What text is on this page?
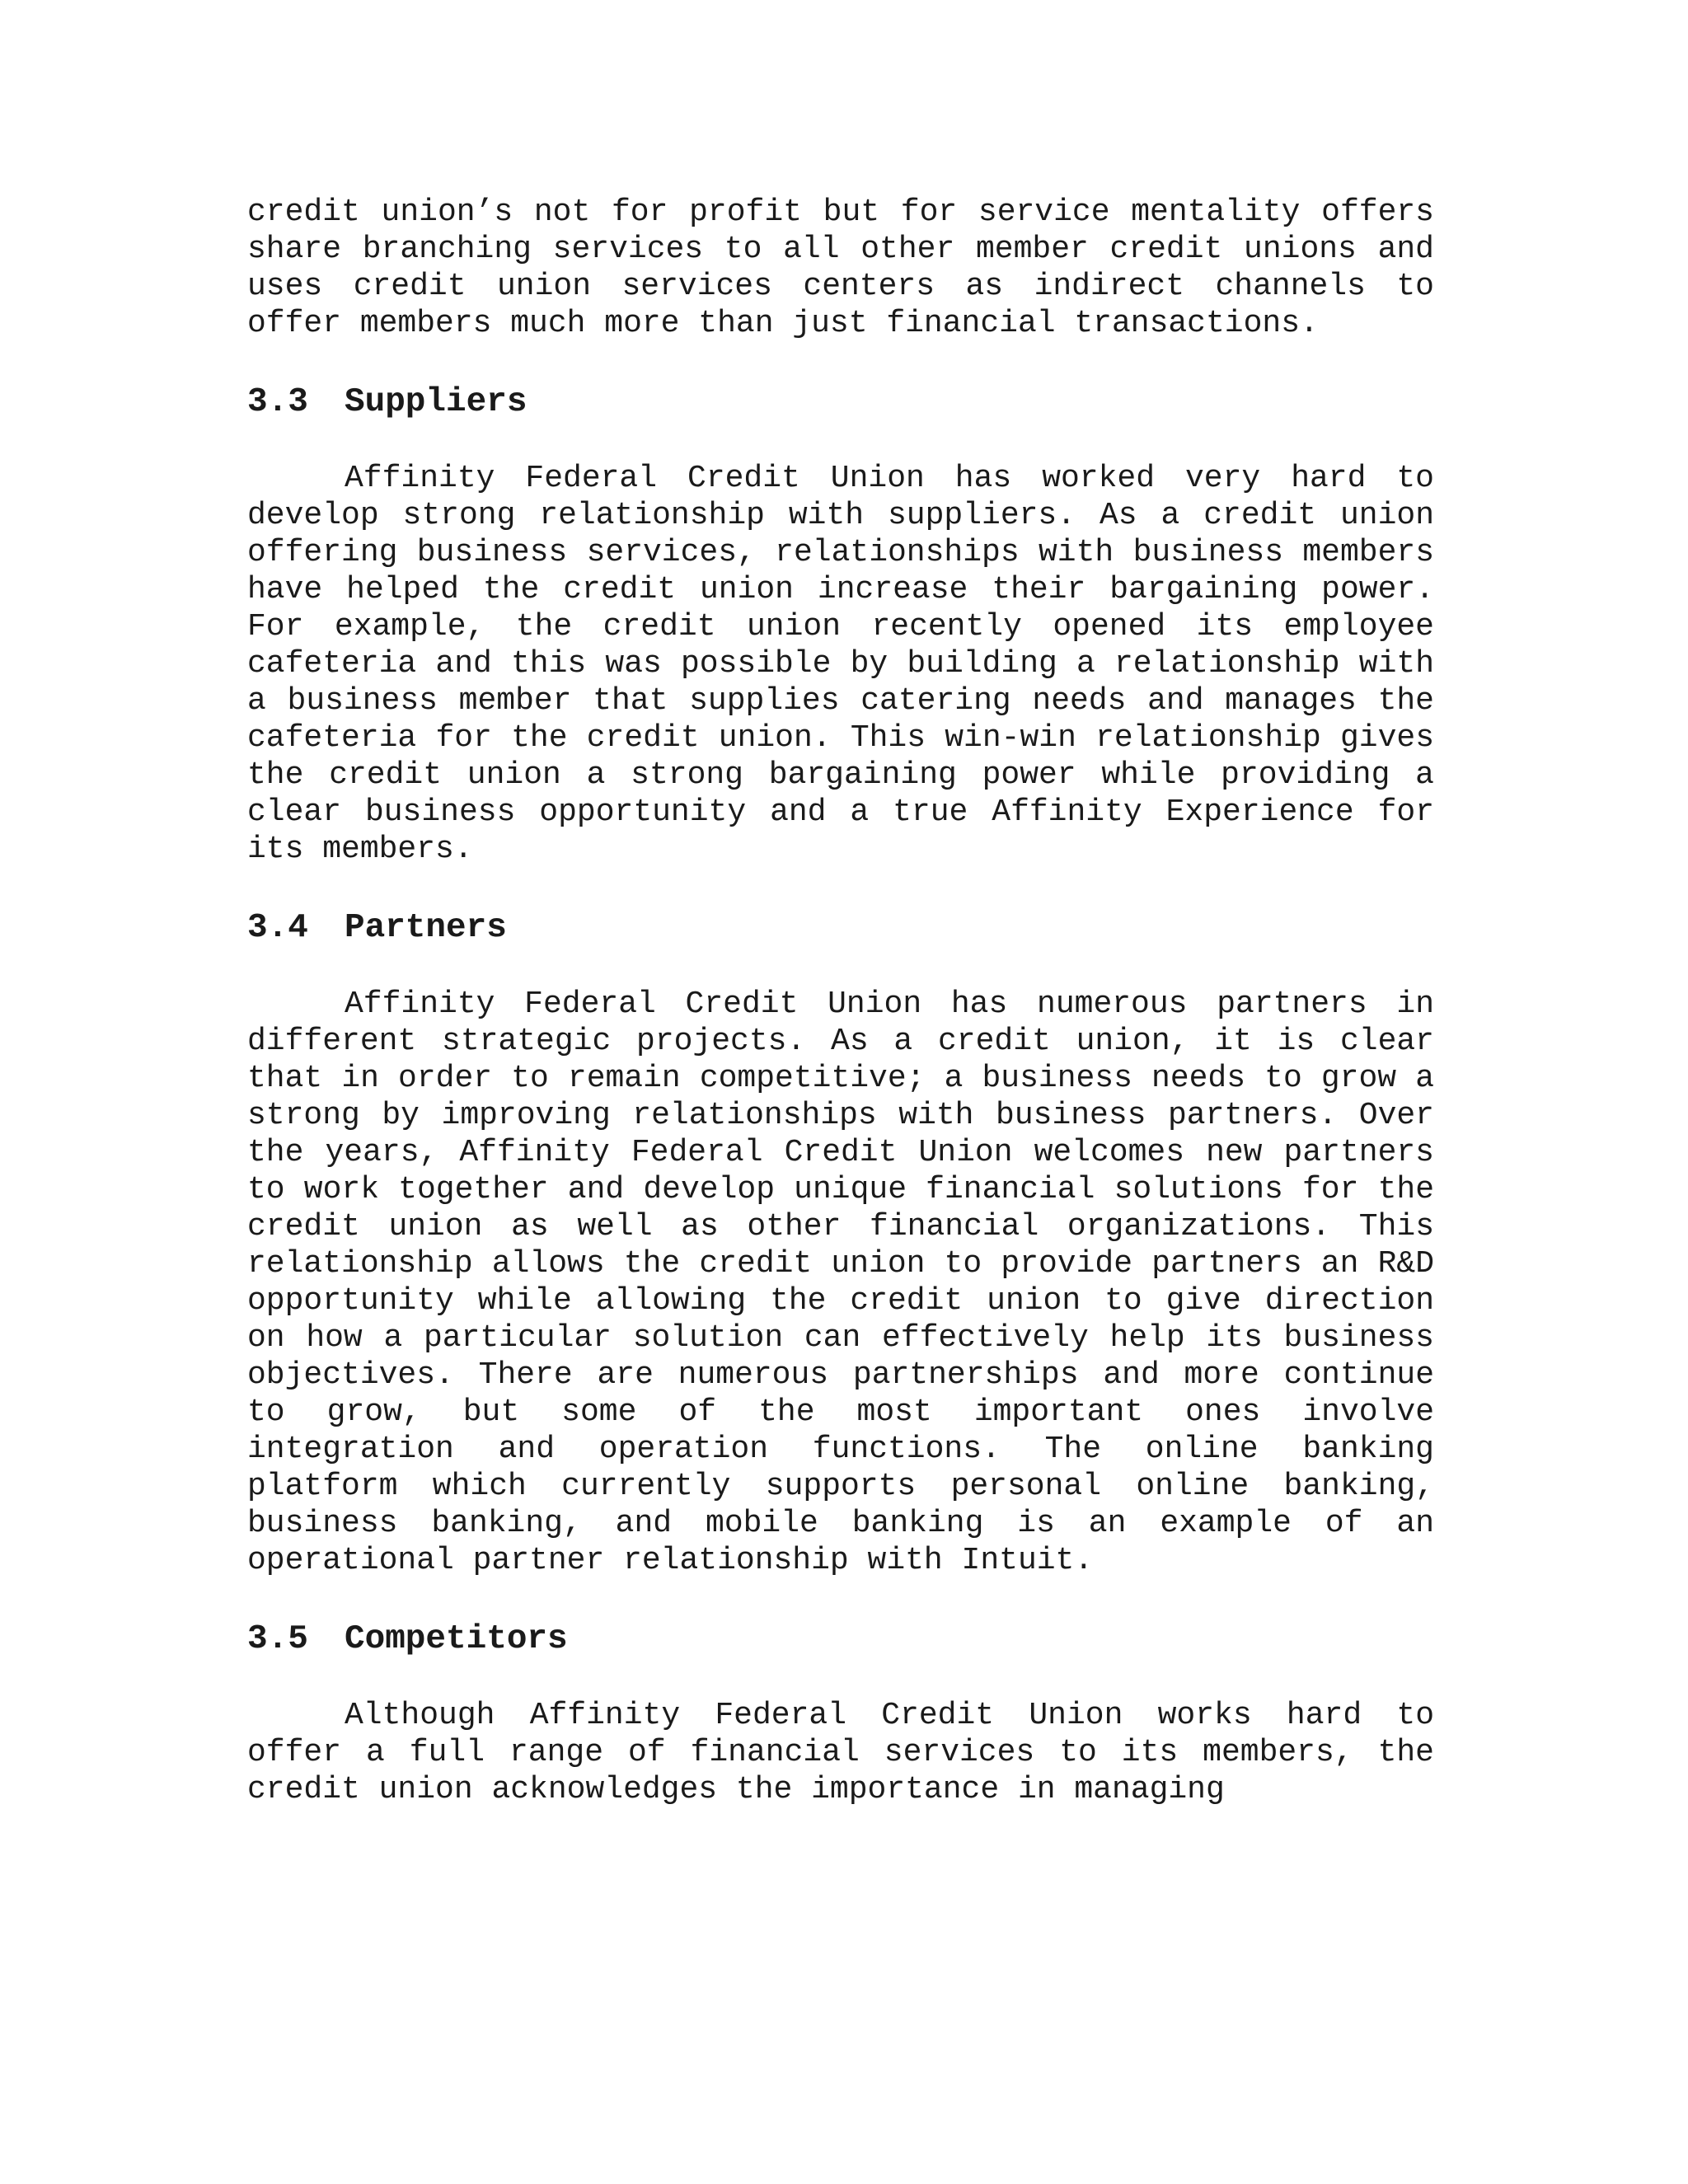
credit union’s not for profit but for service mentality offers share branching services to all other member credit unions and uses credit union services centers as indirect channels to offer members much more than just financial transactions.

3.3 Suppliers

Affinity Federal Credit Union has worked very hard to develop strong relationship with suppliers. As a credit union offering business services, relationships with business members have helped the credit union increase their bargaining power. For example, the credit union recently opened its employee cafeteria and this was possible by building a relationship with a business member that supplies catering needs and manages the cafeteria for the credit union. This win-win relationship gives the credit union a strong bargaining power while providing a clear business opportunity and a true Affinity Experience for its members.

3.4 Partners

Affinity Federal Credit Union has numerous partners in different strategic projects. As a credit union, it is clear that in order to remain competitive; a business needs to grow a strong by improving relationships with business partners. Over the years, Affinity Federal Credit Union welcomes new partners to work together and develop unique financial solutions for the credit union as well as other financial organizations. This relationship allows the credit union to provide partners an R&D opportunity while allowing the credit union to give direction on how a particular solution can effectively help its business objectives. There are numerous partnerships and more continue to grow, but some of the most important ones involve integration and operation functions. The online banking platform which currently supports personal online banking, business banking, and mobile banking is an example of an operational partner relationship with Intuit.

3.5 Competitors

Although Affinity Federal Credit Union works hard to offer a full range of financial services to its members, the credit union acknowledges the importance in managing
